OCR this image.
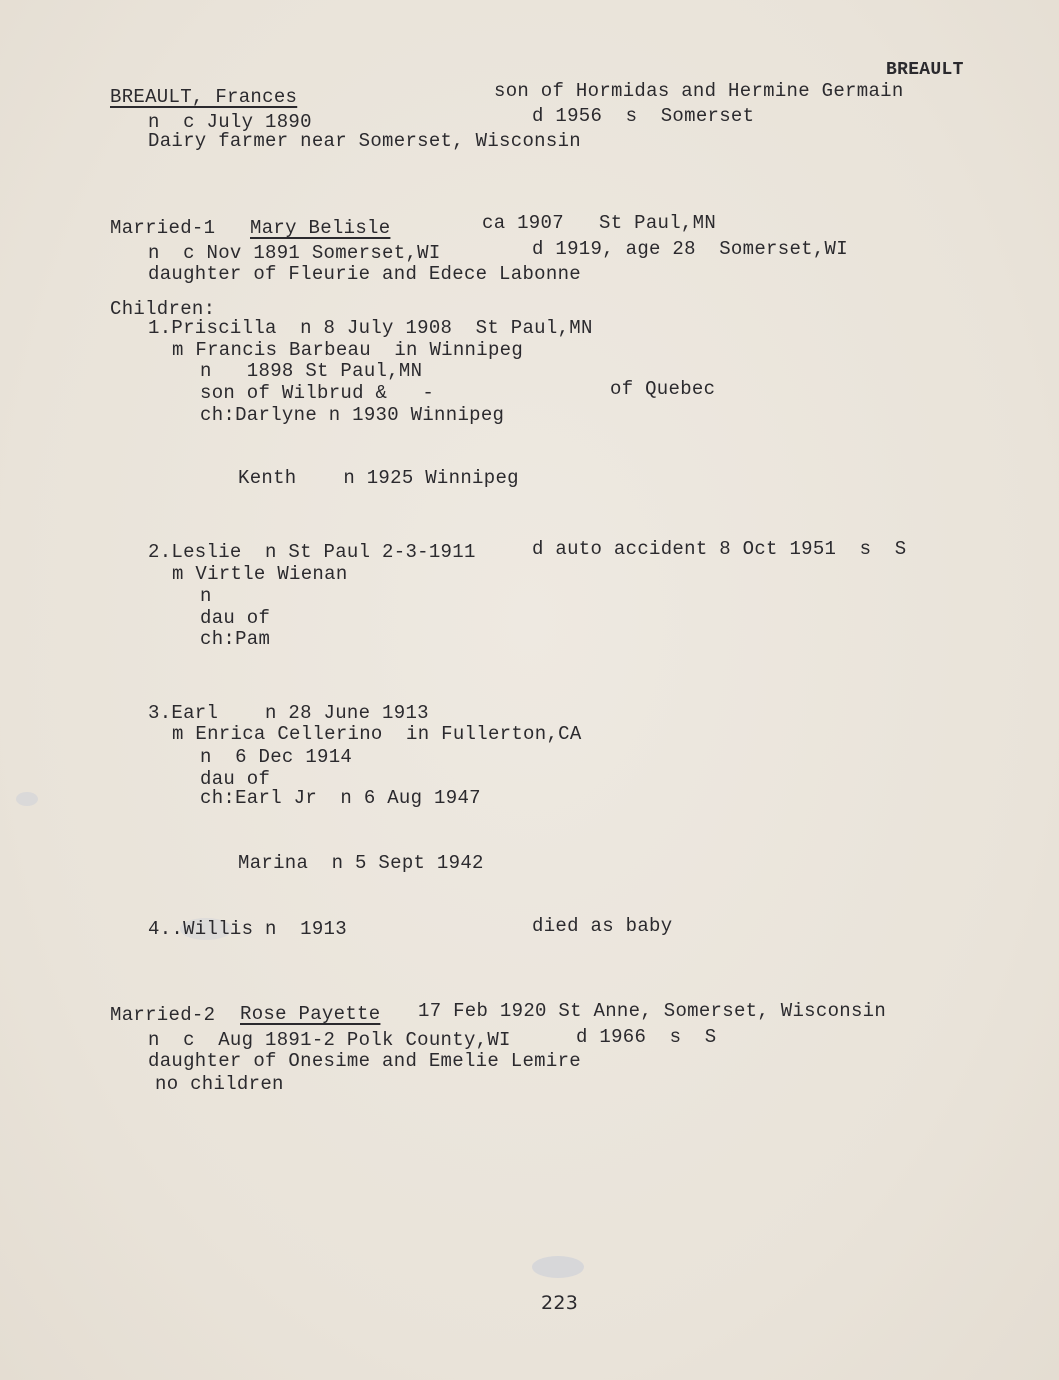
BREAULT
BREAULT, Frances	son of Hormidas and Hermine Germain
n  c July 1890	d 1956  s  Somerset
Dairy farmer near Somerset, Wisconsin
Married-1 Mary Belisle	ca 1907   St Paul,MN
n  c Nov 1891 Somerset,WI	d 1919, age 28  Somerset,WI
daughter of Fleurie and Edece Labonne
Children:
1.Priscilla  n 8 July 1908  St Paul,MN
m Francis Barbeau  in Winnipeg
n   1898 St Paul,MN
son of Wilbrud &   -	of Quebec
ch:Darlyne n 1930 Winnipeg
Kenth    n 1925 Winnipeg
2.Leslie  n St Paul 2-3-1911	d auto accident 8 Oct 1951  s  S
m Virtle Wienan
n
dau of
ch:Pam
3.Earl    n 28 June 1913
m Enrica Cellerino  in Fullerton,CA
n  6 Dec 1914
dau of
ch:Earl Jr  n 6 Aug 1947
Marina  n 5 Sept 1942
4..Willis n  1913	died as baby
Married-2 Rose Payette 17 Feb 1920 St Anne, Somerset, Wisconsin
n  c  Aug 1891-2 Polk County,WI	d 1966  s  S
daughter of Onesime and Emelie Lemire
no children
223
